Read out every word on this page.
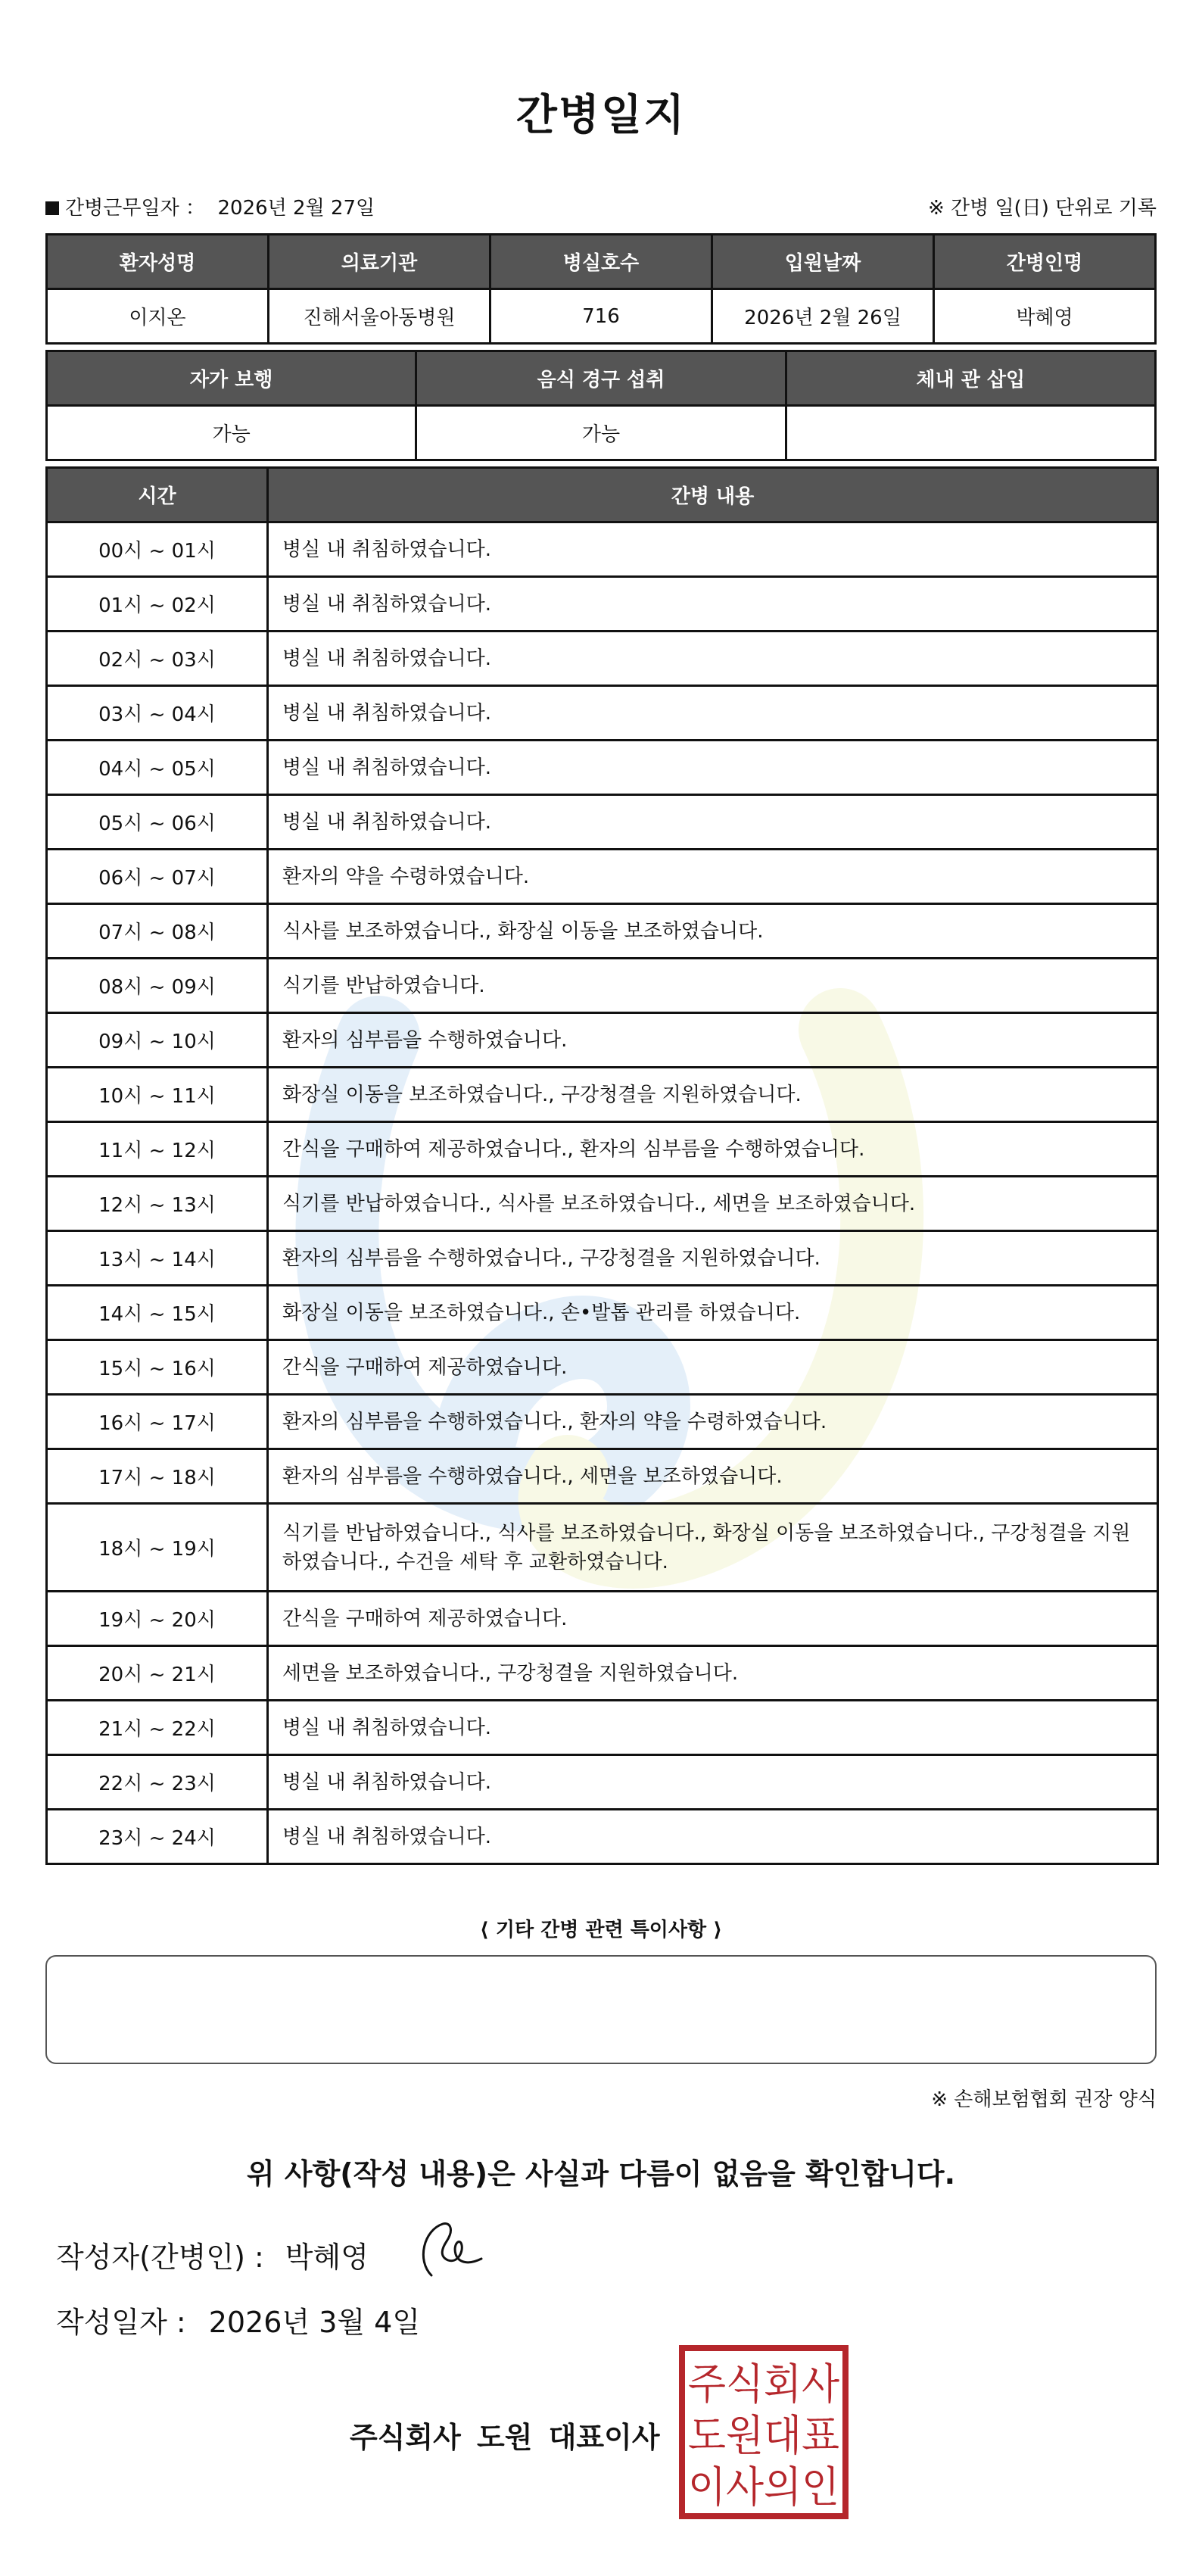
간병일지
간병근무일자 ： 2026년 2월 27일	※ 간병 일(日) 단위로 기록
환자성명	의료기관	병실호수	입원날짜	간병인명
이지온	진해서울아동병원	716	2026년 2월 26일	박혜영
자가 보행	음식 경구 섭취	체내 관 삽입
가능	가능	
시간	간병 내용
00시 ~ 01시	병실 내 취침하였습니다.
01시 ~ 02시	병실 내 취침하였습니다.
02시 ~ 03시	병실 내 취침하였습니다.
03시 ~ 04시	병실 내 취침하였습니다.
04시 ~ 05시	병실 내 취침하였습니다.
05시 ~ 06시	병실 내 취침하였습니다.
06시 ~ 07시	환자의 약을 수령하였습니다.
07시 ~ 08시	식사를 보조하였습니다., 화장실 이동을 보조하였습니다.
08시 ~ 09시	식기를 반납하였습니다.
09시 ~ 10시	환자의 심부름을 수행하였습니다.
10시 ~ 11시	화장실 이동을 보조하였습니다., 구강청결을 지원하였습니다.
11시 ~ 12시	간식을 구매하여 제공하였습니다., 환자의 심부름을 수행하였습니다.
12시 ~ 13시	식기를 반납하였습니다., 식사를 보조하였습니다., 세면을 보조하였습니다.
13시 ~ 14시	환자의 심부름을 수행하였습니다., 구강청결을 지원하였습니다.
14시 ~ 15시	화장실 이동을 보조하였습니다., 손•발톱 관리를 하였습니다.
15시 ~ 16시	간식을 구매하여 제공하였습니다.
16시 ~ 17시	환자의 심부름을 수행하였습니다., 환자의 약을 수령하였습니다.
17시 ~ 18시	환자의 심부름을 수행하였습니다., 세면을 보조하였습니다.
18시 ~ 19시	식기를 반납하였습니다., 식사를 보조하였습니다., 화장실 이동을 보조하였습니다., 구강청결을 지원하였습니다., 수건을 세탁 후 교환하였습니다.
19시 ~ 20시	간식을 구매하여 제공하였습니다.
20시 ~ 21시	세면을 보조하였습니다., 구강청결을 지원하였습니다.
21시 ~ 22시	병실 내 취침하였습니다.
22시 ~ 23시	병실 내 취침하였습니다.
23시 ~ 24시	병실 내 취침하였습니다.
⟨ 기타 간병 관련 특이사항 ⟩
※ 손해보험협회 권장 양식
위 사항(작성 내용)은 사실과 다름이 없음을 확인합니다.
작성자(간병인) : 박혜영
작성일자 : 2026년 3월 4일
주식회사 도원 대표이사
주식회사
도원대표
이사의인
